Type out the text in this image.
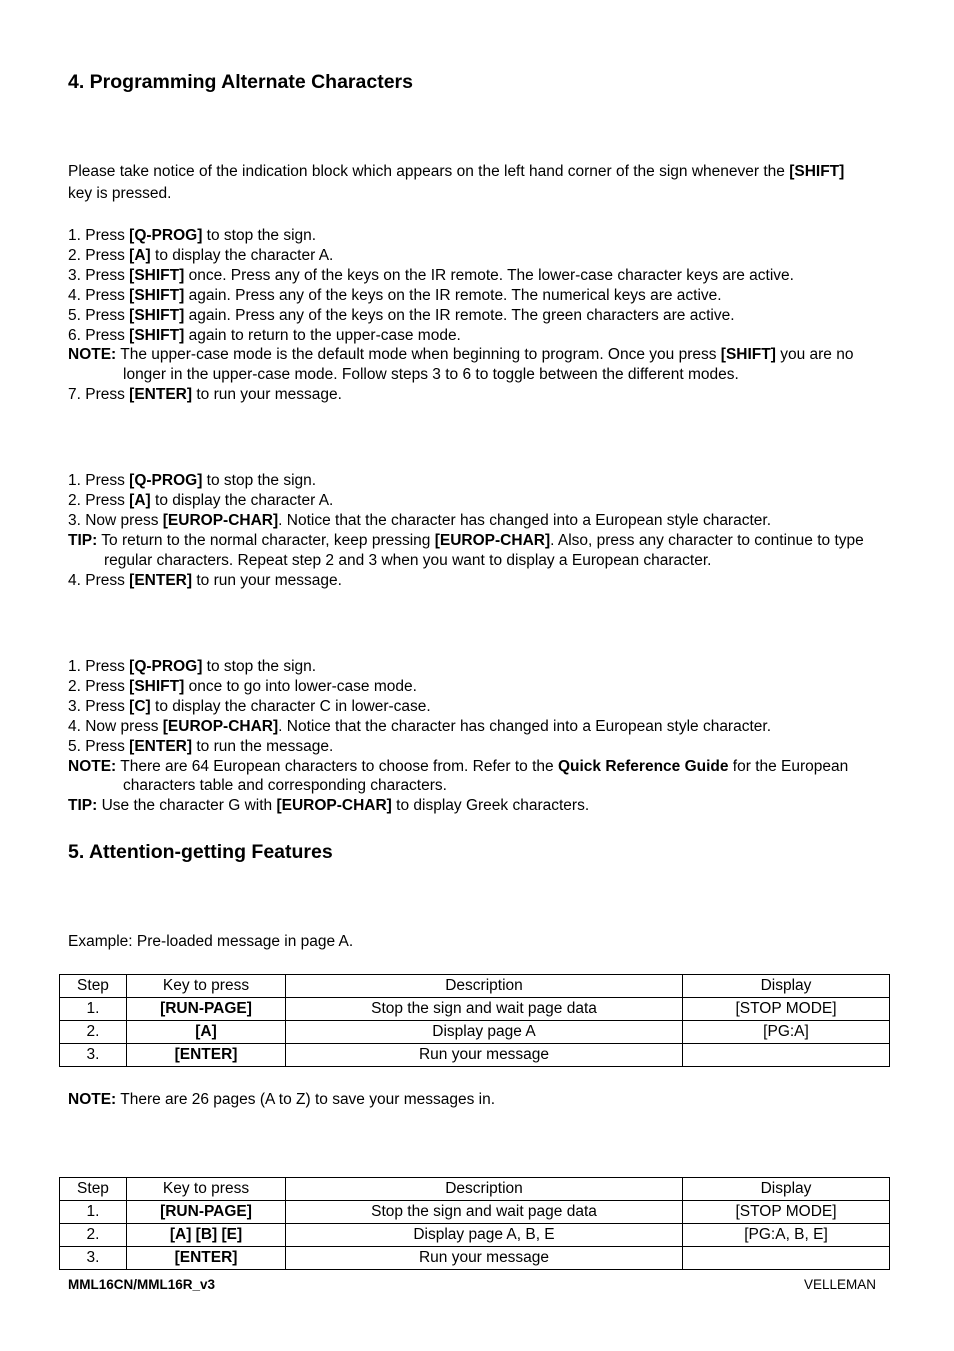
4. Programming Alternate Characters
Please take notice of the indication block which appears on the left hand corner of the sign whenever the [SHIFT]
key is pressed.
1. Press [Q-PROG] to stop the sign.
2. Press [A] to display the character A.
3. Press [SHIFT] once. Press any of the keys on the IR remote. The lower-case character keys are active.
4. Press [SHIFT] again. Press any of the keys on the IR remote. The numerical keys are active.
5. Press [SHIFT] again. Press any of the keys on the IR remote. The green characters are active.
6. Press [SHIFT] again to return to the upper-case mode.
NOTE: The upper-case mode is the default mode when beginning to program. Once you press [SHIFT] you are no
longer in the upper-case mode. Follow steps 3 to 6 to toggle between the different modes.
7. Press [ENTER] to run your message.
1. Press [Q-PROG] to stop the sign.
2. Press [A] to display the character A.
3. Now press [EUROP-CHAR]. Notice that the character has changed into a European style character.
TIP: To return to the normal character, keep pressing [EUROP-CHAR]. Also, press any character to continue to type
regular characters. Repeat step 2 and 3 when you want to display a European character.
4. Press [ENTER] to run your message.
1. Press [Q-PROG] to stop the sign.
2. Press [SHIFT] once to go into lower-case mode.
3. Press [C] to display the character C in lower-case.
4. Now press [EUROP-CHAR]. Notice that the character has changed into a European style character.
5. Press [ENTER] to run the message.
NOTE: There are 64 European characters to choose from. Refer to the Quick Reference Guide for the European
characters table and corresponding characters.
TIP: Use the character G with [EUROP-CHAR] to display Greek characters.
5. Attention-getting Features
Example: Pre-loaded message in page A.
Step	Key to press	Description	Display
1.	[RUN-PAGE]	Stop the sign and wait page data	[STOP MODE]
2.	[A]	Display page A	[PG:A]
3.	[ENTER]	Run your message	
NOTE: There are 26 pages (A to Z) to save your messages in.
Step	Key to press	Description	Display
1.	[RUN-PAGE]	Stop the sign and wait page data	[STOP MODE]
2.	[A] [B] [E]	Display page A, B, E	[PG:A, B, E]
3.	[ENTER]	Run your message	
MML16CN/MML16R_v3	VELLEMAN
